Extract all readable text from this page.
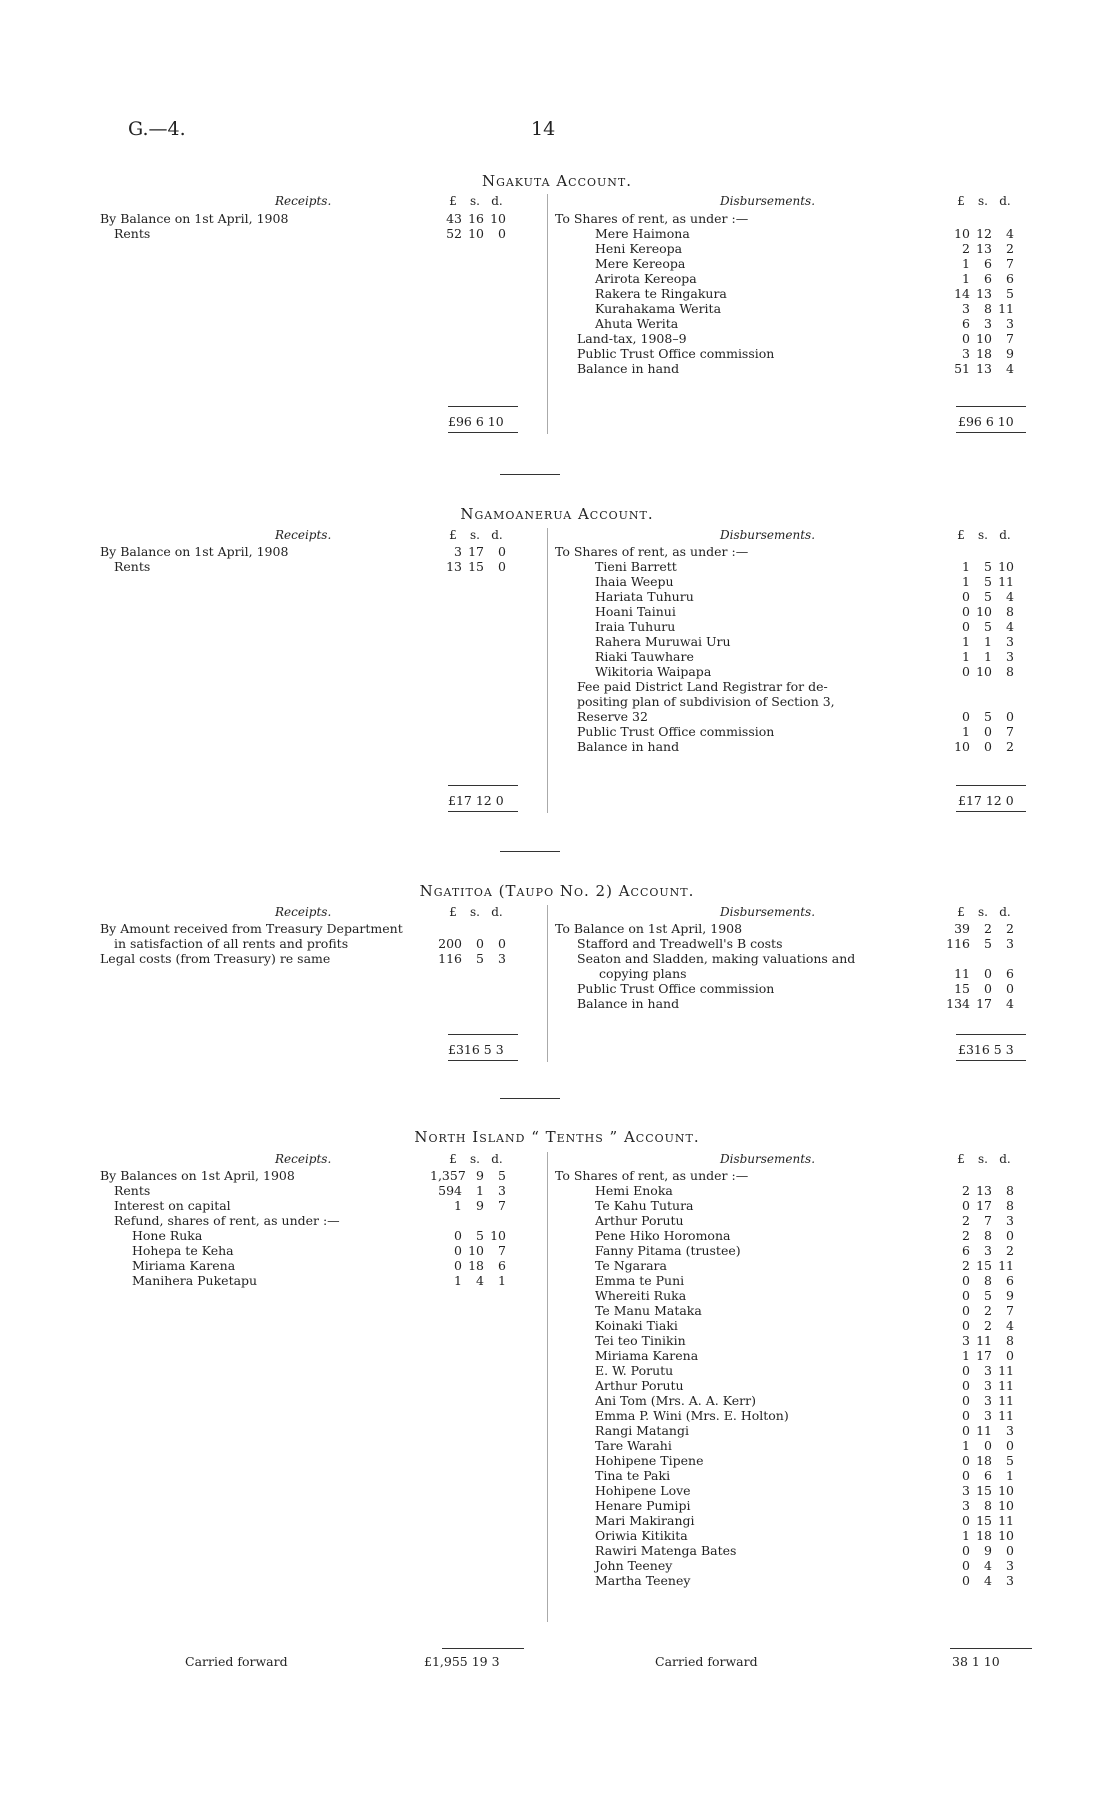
G.—4.	14
Ngakuta Account.
Receipts.	Disbursements.
£	s. d.	£	s. d.
By Balance on 1st April, 1908	43 16 10
Rents	52 10	0
To Shares of rent, as under :—
Mere Haimona	10 12	4
Heni Kereopa	2 13	2
Mere Kereopa	1	6	7
Arirota Kereopa	1	6	6
Rakera te Ringakura	14 13	5
Kurahakama Werita	3	8 11
Ahuta Werita	6	3	3
Land-tax, 1908–9	0 10	7
Public Trust Office commission	3 18	9
Balance in hand	51 13	4
£96 6 10	£96 6 10
Ngamoanerua Account.
Receipts.	Disbursements.
£	s. d.	£	s. d.
By Balance on 1st April, 1908	3 17	0
Rents	13 15	0
To Shares of rent, as under :—
Tieni Barrett	1	5 10
Ihaia Weepu	1	5 11
Hariata Tuhuru	0	5	4
Hoani Tainui	0 10	8
Iraia Tuhuru	0	5	4
Rahera Muruwai Uru	1	1	3
Riaki Tauwhare	1	1	3
Wikitoria Waipapa	0 10	8
Fee paid District Land Registrar for de-
positing plan of subdivision of Section 3,
Reserve 32	0	5	0
Public Trust Office commission	1	0	7
Balance in hand	10	0	2
£17 12 0	£17 12 0
Ngatitoa (Taupo No. 2) Account.
Receipts.	Disbursements.
£	s. d.	£	s. d.
By Amount received from Treasury Department
in satisfaction of all rents and profits	200	0	0
Legal costs (from Treasury) re same	116	5	3
To Balance on 1st April, 1908	39	2	2
Stafford and Treadwell's B costs	116	5	3
Seaton and Sladden, making valuations and
copying plans	11	0	6
Public Trust Office commission	15	0	0
Balance in hand	134 17	4
£316 5 3	£316 5 3
North Island “ Tenths ” Account.
Receipts.	Disbursements.
£	s. d.	£	s. d.
By Balances on 1st April, 1908	1,357 9	5
Rents	594	1	3
Interest on capital	1	9	7
Refund, shares of rent, as under :—
Hone Ruka	0	5 10
Hohepa te Keha	0 10	7
Miriama Karena	0 18	6
Manihera Puketapu	1	4	1
To Shares of rent, as under :—
Hemi Enoka	2 13	8
Te Kahu Tutura	0 17	8
Arthur Porutu	2	7	3
Pene Hiko Horomona	2	8	0
Fanny Pitama (trustee)	6	3	2
Te Ngarara	2 15 11
Emma te Puni	0	8	6
Whereiti Ruka	0	5	9
Te Manu Mataka	0	2	7
Koinaki Tiaki	0	2	4
Tei teo Tinikin	3 11	8
Miriama Karena	1 17	0
E. W. Porutu	0	3 11
Arthur Porutu	0	3 11
Ani Tom (Mrs. A. A. Kerr)	0	3 11
Emma P. Wini (Mrs. E. Holton)	0	3 11
Rangi Matangi	0 11	3
Tare Warahi	1	0	0
Hohipene Tipene	0 18	5
Tina te Paki	0	6	1
Hohipene Love	3 15 10
Henare Pumipi	3	8 10
Mari Makirangi	0 15 11
Oriwia Kitikita	1 18 10
Rawiri Matenga Bates	0	9	0
John Teeney	0	4	3
Martha Teeney	0	4	3
Carried forward	£1,955 19 3	Carried forward	38 1 10
